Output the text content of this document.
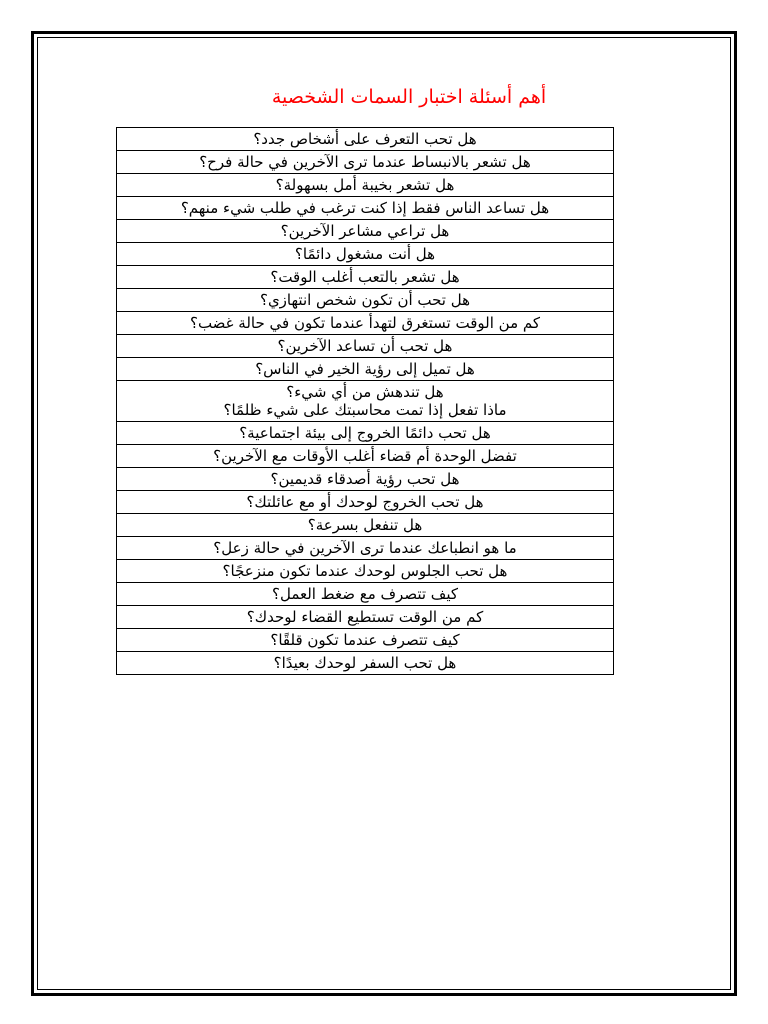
أهم أسئلة اختبار السمات الشخصية
هل تحب التعرف على أشخاص جدد؟
هل تشعر بالانبساط عندما ترى الآخرين في حالة فرح؟
هل تشعر بخيبة أمل بسهولة؟
هل تساعد الناس فقط إذا كنت ترغب في طلب شيء منهم؟
هل تراعي مشاعر الآخرين؟
هل أنت مشغول دائمًا؟
هل تشعر بالتعب أغلب الوقت؟
هل تحب أن تكون شخص انتهازي؟
كم من الوقت تستغرق لتهدأ عندما تكون في حالة غضب؟
هل تحب أن تساعد الآخرين؟
هل تميل إلى رؤية الخير في الناس؟
هل تندهش من أي شيء؟
ماذا تفعل إذا تمت محاسبتك على شيء ظلمًا؟
هل تحب دائمًا الخروج إلى بيئة اجتماعية؟
تفضل الوحدة أم قضاء أغلب الأوقات مع الآخرين؟
هل تحب رؤية أصدقاء قديمين؟
هل تحب الخروج لوحدك أو مع عائلتك؟
هل تنفعل بسرعة؟
ما هو انطباعك عندما ترى الآخرين في حالة زعل؟
هل تحب الجلوس لوحدك عندما تكون منزعجًا؟
كيف تتصرف مع ضغط العمل؟
كم من الوقت تستطيع القضاء لوحدك؟
كيف تتصرف عندما تكون قلقًا؟
هل تحب السفر لوحدك بعيدًا؟
